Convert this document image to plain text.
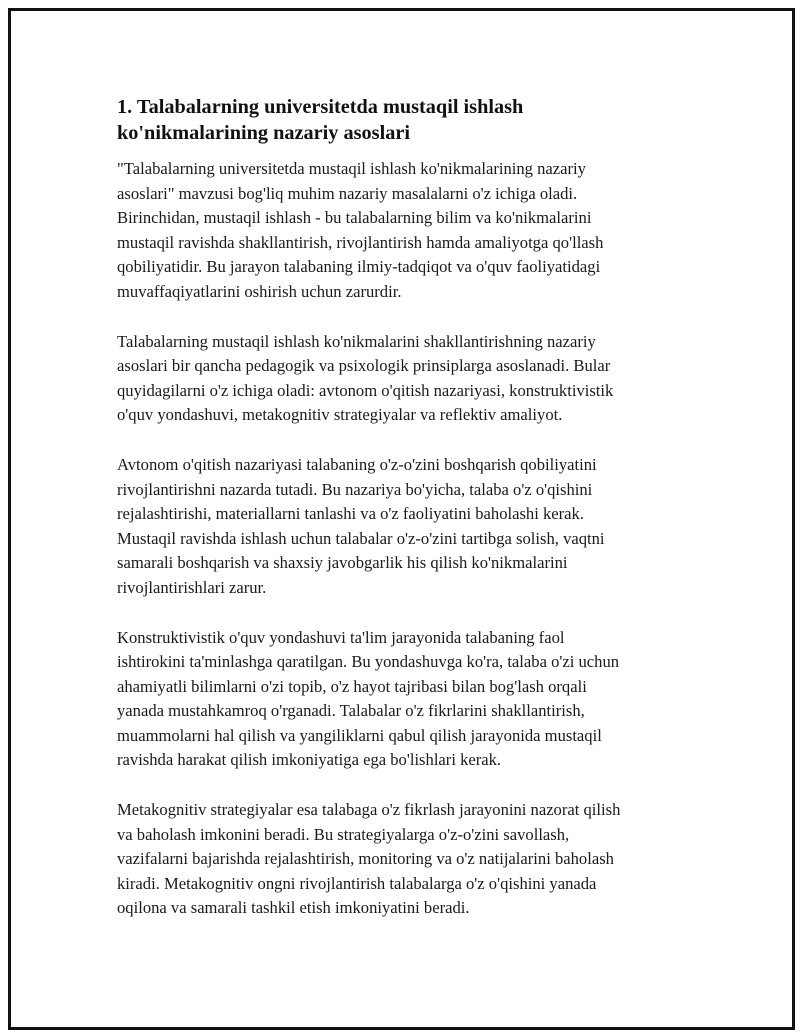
1. Talabalarning universitetda mustaqil ishlash
ko'nikmalarining nazariy asoslari

"Talabalarning universitetda mustaqil ishlash ko'nikmalarining nazariy
asoslari" mavzusi bog'liq muhim nazariy masalalarni o'z ichiga oladi.
Birinchidan, mustaqil ishlash - bu talabalarning bilim va ko'nikmalarini
mustaqil ravishda shakllantirish, rivojlantirish hamda amaliyotga qo'llash
qobiliyatidir. Bu jarayon talabaning ilmiy-tadqiqot va o'quv faoliyatidagi
muvaffaqiyatlarini oshirish uchun zarurdir.

Talabalarning mustaqil ishlash ko'nikmalarini shakllantirishning nazariy
asoslari bir qancha pedagogik va psixologik prinsiplarga asoslanadi. Bular
quyidagilarni o'z ichiga oladi: avtonom o'qitish nazariyasi, konstruktivistik
o'quv yondashuvi, metakognitiv strategiyalar va reflektiv amaliyot.

Avtonom o'qitish nazariyasi talabaning o'z-o'zini boshqarish qobiliyatini
rivojlantirishni nazarda tutadi. Bu nazariya bo'yicha, talaba o'z o'qishini
rejalashtirishi, materiallarni tanlashi va o'z faoliyatini baholashi kerak.
Mustaqil ravishda ishlash uchun talabalar o'z-o'zini tartibga solish, vaqtni
samarali boshqarish va shaxsiy javobgarlik his qilish ko'nikmalarini
rivojlantirishlari zarur.

Konstruktivistik o'quv yondashuvi ta'lim jarayonida talabaning faol
ishtirokini ta'minlashga qaratilgan. Bu yondashuvga ko'ra, talaba o'zi uchun
ahamiyatli bilimlarni o'zi topib, o'z hayot tajribasi bilan bog'lash orqali
yanada mustahkamroq o'rganadi. Talabalar o'z fikrlarini shakllantirish,
muammolarni hal qilish va yangiliklarni qabul qilish jarayonida mustaqil
ravishda harakat qilish imkoniyatiga ega bo'lishlari kerak.

Metakognitiv strategiyalar esa talabaga o'z fikrlash jarayonini nazorat qilish
va baholash imkonini beradi. Bu strategiyalarga o'z-o'zini savollash,
vazifalarni bajarishda rejalashtirish, monitoring va o'z natijalarini baholash
kiradi. Metakognitiv ongni rivojlantirish talabalarga o'z o'qishini yanada
oqilona va samarali tashkil etish imkoniyatini beradi.
